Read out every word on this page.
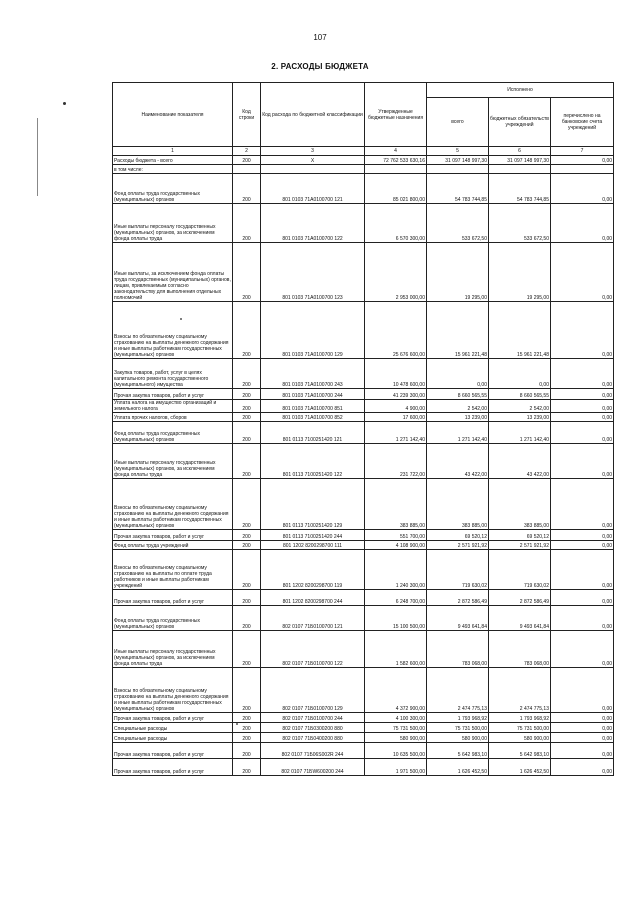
107
2. РАСХОДЫ БЮДЖЕТА
Наименование показателя	Код строки	Код расхода по бюджетной классификации	Утвержденные бюджетные назначения	Исполнено		
				всего	бюджетных обязательств учреждений	перечислено на банковские счета учреждений
1	2	3	4	5	6	7
Расходы бюджета - всего	200	Х	72 762 533 630,16	31 097 148 997,30	31 097 148 997,30	0,00
в том числе:						
Фонд оплаты труда государственных (муниципальных) органов	200	801 0103 71А0100700 121	85 021 800,00	54 783 744,85	54 783 744,85	0,00
Иные выплаты персоналу государственных (муниципальных) органов, за исключением фонда оплаты труда	200	801 0103 71А0100700 122	6 570 300,00	533 672,50	533 672,50	0,00
Иные выплаты, за исключением фонда оплаты труда государственных (муниципальных) органов, лицам, привлекаемым согласно законодательству для выполнения отдельных полномочий	200	801 0103 71А0100700 123	2 953 000,00	19 295,00	19 295,00	0,00
Взносы по обязательному социальному страхованию на выплаты денежного содержания и иные выплаты работникам государственных (муниципальных) органов	200	801 0103 71А0100700 129	25 676 600,00	15 961 221,48	15 961 221,48	0,00
Закупка товаров, работ, услуг в целях капитального ремонта государственного (муниципального) имущества	200	801 0103 71А0100700 243	10 478 600,00	0,00	0,00	0,00
Прочая закупка товаров, работ и услуг	200	801 0103 71А0100700 244	41 239 300,00	8 660 565,55	8 660 565,55	0,00
Уплата налога на имущество организаций и земельного налога	200	801 0103 71А0100700 851	4 900,00	2 542,00	2 542,00	0,00
Уплата прочих налогов, сборов	200	801 0103 71А0100700 852	17 600,00	13 239,00	13 239,00	0,00
Фонд оплаты труда государственных (муниципальных) органов	200	801 0113 7100251420 121	1 271 142,40	1 271 142,40	1 271 142,40	0,00
Иные выплаты персоналу государственных (муниципальных) органов, за исключением фонда оплаты труда	200	801 0113 7100251420 122	231 722,00	43 422,00	43 422,00	0,00
Взносы по обязательному социальному страхованию на выплаты денежного содержания и иные выплаты работникам государственных (муниципальных) органов	200	801 0113 7100251420 129	383 885,00	383 885,00	383 885,00	0,00
Прочая закупка товаров, работ и услуг	200	801 0113 7100251420 244	551 700,00	69 520,12	69 520,12	0,00
Фонд оплаты труда учреждений	200	801 1202 8200298700 111	4 108 900,00	2 571 921,92	2 571 921,92	0,00
Взносы по обязательному социальному страхованию на выплаты по оплате труда работников и иные выплаты работникам учреждений	200	801 1202 8200298700 119	1 240 300,00	719 630,02	719 630,02	0,00
Прочая закупка товаров, работ и услуг	200	801 1202 8200298700 244	6 248 700,00	2 872 586,49	2 872 586,49	0,00
Фонд оплаты труда государственных (муниципальных) органов	200	802 0107 71Б0100700 121	15 100 500,00	9 493 641,84	9 493 641,84	0,00
Иные выплаты персоналу государственных (муниципальных) органов, за исключением фонда оплаты труда	200	802 0107 71Б0100700 122	1 582 600,00	783 068,00	783 068,00	0,00
Взносы по обязательному социальному страхованию на выплаты денежного содержания и иные выплаты работникам государственных (муниципальных) органов	200	802 0107 71Б0100700 129	4 372 900,00	2 474 775,13	2 474 775,13	0,00
Прочая закупка товаров, работ и услуг	200	802 0107 71Б0100700 244	4 100 300,00	1 793 968,92	1 793 968,92	0,00
Специальные расходы	200	802 0107 71Б0300200 880	75 731 500,00	75 731 500,00	75 731 500,00	0,00
Специальные расходы	200	802 0107 71Б0400200 880	580 900,00	580 900,00	580 900,00	0,00
Прочая закупка товаров, работ и услуг	200	802 0107 71Б06S002R 244	10 635 500,00	5 642 983,10	5 642 983,10	0,00
Прочая закупка товаров, работ и услуг	200	802 0107 71БW600200 244	1 971 500,00	1 626 452,50	1 626 452,50	0,00
